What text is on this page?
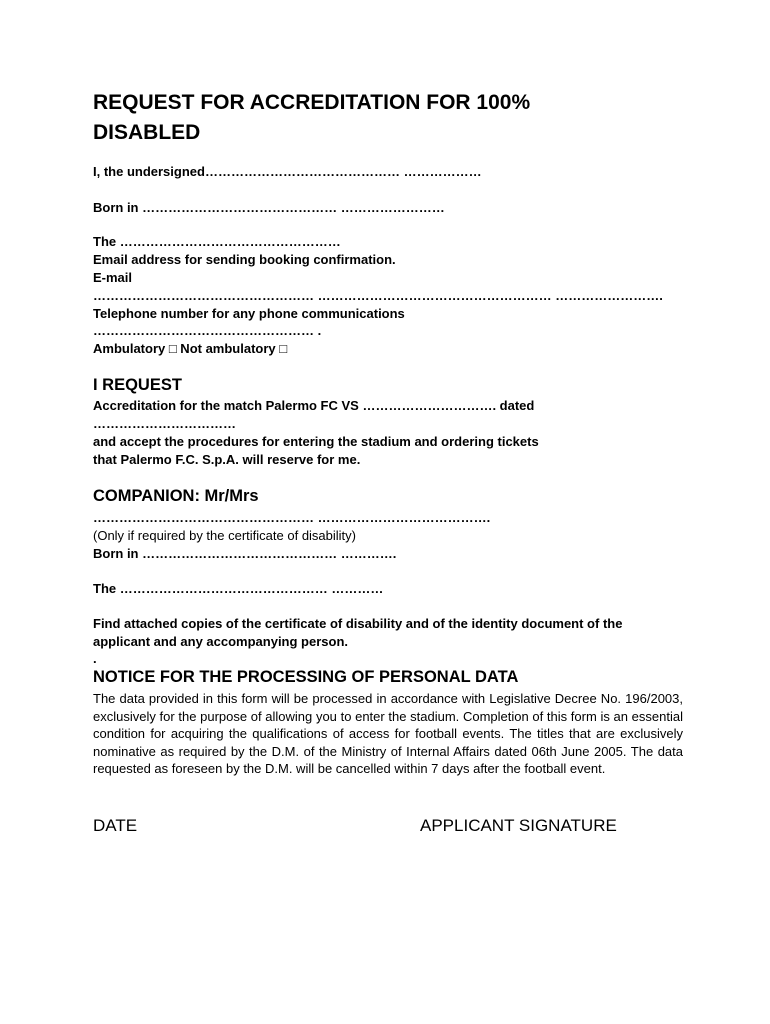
REQUEST FOR ACCREDITATION FOR 100%
DISABLED
I, the undersigned……………………………………… ………………
Born in ……………………………………… ……………………
The ……………………………………………
Email address for sending booking confirmation.
E-mail
…………………………………………… ……………………………………………… …………………….
Telephone number for any phone communications
…………………………………………… .
Ambulatory □ Not ambulatory □
I REQUEST
Accreditation for the match Palermo FC VS …………………………. dated
……………………………
and accept the procedures for entering the stadium and ordering tickets
that Palermo F.C. S.p.A. will reserve for me.
COMPANION: Mr/Mrs
…………………………………………… ………………………………….
(Only if required by the certificate of disability)
Born in ……………………………………… ………….
The ………………………………………… …………
Find attached copies of the certificate of disability and of the identity document of the
applicant and any accompanying person.
.
NOTICE FOR THE PROCESSING OF PERSONAL DATA
The data provided in this form will be processed in accordance with Legislative Decree No. 196/2003, exclusively for the purpose of allowing you to enter the stadium. Completion of this form is an essential condition for acquiring the qualifications of access for football events. The titles that are exclusively nominative as required by the D.M. of the Ministry of Internal Affairs dated 06th June 2005. The data requested as foreseen by the D.M. will be cancelled within 7 days after the football event.
DATE	APPLICANT SIGNATURE
